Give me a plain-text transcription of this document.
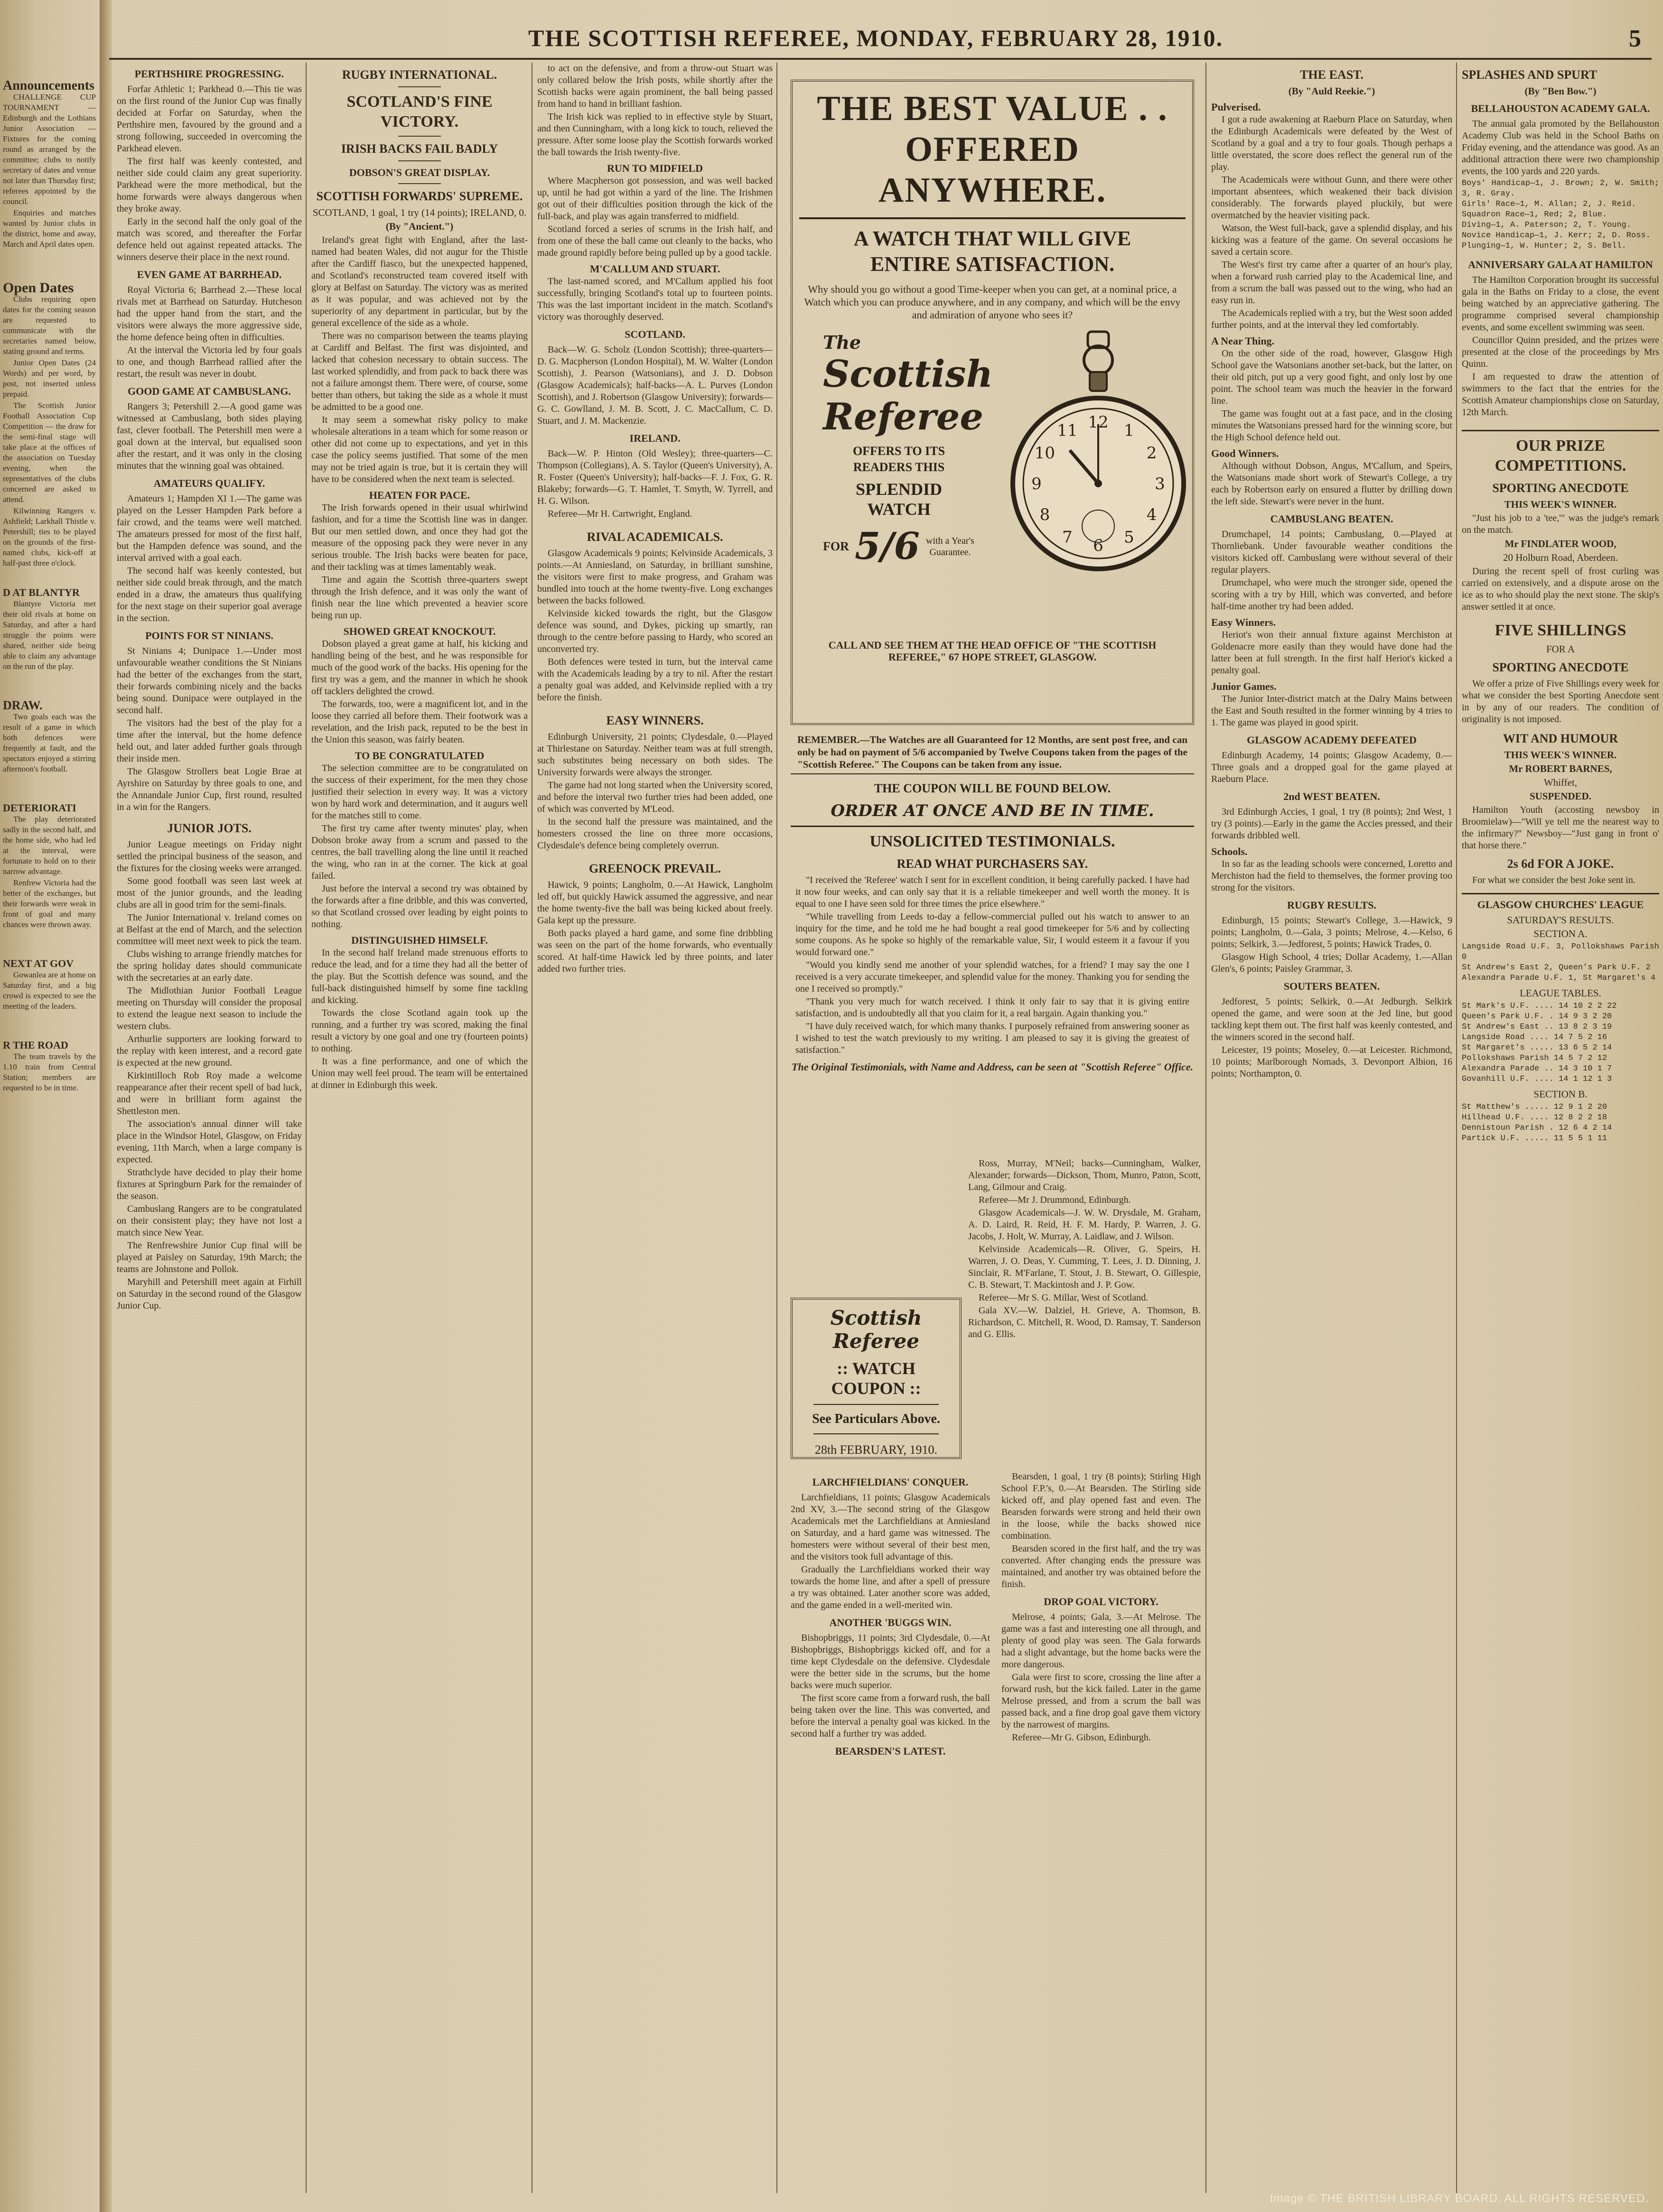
Announcements

CHALLENGE CUP TOURNAMENT — Edinburgh and the Lothians Junior Association — Fixtures for the coming round as arranged by the committee; clubs to notify secretary of dates and venue not later than Thursday first; referees appointed by the council.

Enquiries and matches wanted by Junior clubs in the district, home and away, March and April dates open.

Open Dates

Clubs requiring open dates for the coming season are requested to communicate with the secretaries named below, stating ground and terms.

Junior Open Dates (24 Words) and per word, by post, not inserted unless prepaid.

The Scottish Junior Football Association Cup Competition — the draw for the semi-final stage will take place at the offices of the association on Tuesday evening, when the representatives of the clubs concerned are asked to attend.

Kilwinning Rangers v. Ashfield; Larkhall Thistle v. Petershill; ties to be played on the grounds of the first-named clubs, kick-off at half-past three o'clock.

D AT BLANTYR

Blantyre Victoria met their old rivals at home on Saturday, and after a hard struggle the points were shared, neither side being able to claim any advantage on the run of the play.

DRAW.

Two goals each was the result of a game in which both defences were frequently at fault, and the spectators enjoyed a stirring afternoon's football.

DETERIORATI

The play deteriorated sadly in the second half, and the home side, who had led at the interval, were fortunate to hold on to their narrow advantage.

Renfrew Victoria had the better of the exchanges, but their forwards were weak in front of goal and many chances were thrown away.

NEXT AT GOV

Gowanlea are at home on Saturday first, and a big crowd is expected to see the meeting of the leaders.

R THE ROAD

The team travels by the 1.10 train from Central Station; members are requested to be in time.

THE SCOTTISH REFEREE, MONDAY, FEBRUARY 28, 1910.	5
PERTHSHIRE PROGRESSING.

Forfar Athletic 1; Parkhead 0.—This tie was on the first round of the Junior Cup was finally decided at Forfar on Saturday, when the Perthshire men, favoured by the ground and a strong following, succeeded in overcoming the Parkhead eleven.

The first half was keenly contested, and neither side could claim any great superiority. Parkhead were the more methodical, but the home forwards were always dangerous when they broke away.

Early in the second half the only goal of the match was scored, and thereafter the Forfar defence held out against repeated attacks. The winners deserve their place in the next round.

EVEN GAME AT BARRHEAD.

Royal Victoria 6; Barrhead 2.—These local rivals met at Barrhead on Saturday. Hutcheson had the upper hand from the start, and the visitors were always the more aggressive side, the home defence being often in difficulties.

At the interval the Victoria led by four goals to one, and though Barrhead rallied after the restart, the result was never in doubt.

GOOD GAME AT CAMBUSLANG.

Rangers 3; Petershill 2.—A good game was witnessed at Cambuslang, both sides playing fast, clever football. The Petershill men were a goal down at the interval, but equalised soon after the restart, and it was only in the closing minutes that the winning goal was obtained.

AMATEURS QUALIFY.

Amateurs 1; Hampden XI 1.—The game was played on the Lesser Hampden Park before a fair crowd, and the teams were well matched. The amateurs pressed for most of the first half, but the Hampden defence was sound, and the interval arrived with a goal each.

The second half was keenly contested, but neither side could break through, and the match ended in a draw, the amateurs thus qualifying for the next stage on their superior goal average in the section.

POINTS FOR ST NINIANS.

St Ninians 4; Dunipace 1.—Under most unfavourable weather conditions the St Ninians had the better of the exchanges from the start, their forwards combining nicely and the backs being sound. Dunipace were outplayed in the second half.

The visitors had the best of the play for a time after the interval, but the home defence held out, and later added further goals through their inside men.

The Glasgow Strollers beat Logie Brae at Ayrshire on Saturday by three goals to one, and the Annandale Junior Cup, first round, resulted in a win for the Rangers.

JUNIOR JOTS.

Junior League meetings on Friday night settled the principal business of the season, and the fixtures for the closing weeks were arranged.

Some good football was seen last week at most of the junior grounds, and the leading clubs are all in good trim for the semi-finals.

The Junior International v. Ireland comes on at Belfast at the end of March, and the selection committee will meet next week to pick the team.

Clubs wishing to arrange friendly matches for the spring holiday dates should communicate with the secretaries at an early date.

The Midlothian Junior Football League meeting on Thursday will consider the proposal to extend the league next season to include the western clubs.

Arthurlie supporters are looking forward to the replay with keen interest, and a record gate is expected at the new ground.

Kirkintilloch Rob Roy made a welcome reappearance after their recent spell of bad luck, and were in brilliant form against the Shettleston men.

The association's annual dinner will take place in the Windsor Hotel, Glasgow, on Friday evening, 11th March, when a large company is expected.

Strathclyde have decided to play their home fixtures at Springburn Park for the remainder of the season.

Cambuslang Rangers are to be congratulated on their consistent play; they have not lost a match since New Year.

The Renfrewshire Junior Cup final will be played at Paisley on Saturday, 19th March; the teams are Johnstone and Pollok.

Maryhill and Petershill meet again at Firhill on Saturday in the second round of the Glasgow Junior Cup.

RUGBY INTERNATIONAL.
SCOTLAND'S FINE VICTORY.
IRISH BACKS FAIL BADLY
DOBSON'S GREAT DISPLAY.
SCOTTISH FORWARDS' SUPREME.
SCOTLAND, 1 goal, 1 try (14 points); IRELAND, 0.
(By "Ancient.")

Ireland's great fight with England, after the last-named had beaten Wales, did not augur for the Thistle after the Cardiff fiasco, but the unexpected happened, and Scotland's reconstructed team covered itself with glory at Belfast on Saturday. The victory was as merited as it was popular, and was achieved not by the superiority of any department in particular, but by the general excellence of the side as a whole.

There was no comparison between the teams playing at Cardiff and Belfast. The first was disjointed, and lacked that cohesion necessary to obtain success. The last worked splendidly, and from pack to back there was not a failure amongst them. There were, of course, some better than others, but taking the side as a whole it must be admitted to be a good one.

It may seem a somewhat risky policy to make wholesale alterations in a team which for some reason or other did not come up to expectations, and yet in this case the policy seems justified. That some of the men may not be tried again is true, but it is certain they will have to be considered when the next team is selected.

HEATEN FOR PACE.

The Irish forwards opened in their usual whirlwind fashion, and for a time the Scottish line was in danger. But our men settled down, and once they had got the measure of the opposing pack they were never in any serious trouble. The Irish backs were beaten for pace, and their tackling was at times lamentably weak.

Time and again the Scottish three-quarters swept through the Irish defence, and it was only the want of finish near the line which prevented a heavier score being run up.

SHOWED GREAT KNOCKOUT.

Dobson played a great game at half, his kicking and handling being of the best, and he was responsible for much of the good work of the backs. His opening for the first try was a gem, and the manner in which he shook off tacklers delighted the crowd.

The forwards, too, were a magnificent lot, and in the loose they carried all before them. Their footwork was a revelation, and the Irish pack, reputed to be the best in the Union this season, was fairly beaten.

TO BE CONGRATULATED

The selection committee are to be congratulated on the success of their experiment, for the men they chose justified their selection in every way. It was a victory won by hard work and determination, and it augurs well for the matches still to come.

The first try came after twenty minutes' play, when Dobson broke away from a scrum and passed to the centres, the ball travelling along the line until it reached the wing, who ran in at the corner. The kick at goal failed.

Just before the interval a second try was obtained by the forwards after a fine dribble, and this was converted, so that Scotland crossed over leading by eight points to nothing.

DISTINGUISHED HIMSELF.

In the second half Ireland made strenuous efforts to reduce the lead, and for a time they had all the better of the play. But the Scottish defence was sound, and the full-back distinguished himself by some fine tackling and kicking.

Towards the close Scotland again took up the running, and a further try was scored, making the final result a victory by one goal and one try (fourteen points) to nothing.

It was a fine performance, and one of which the Union may well feel proud. The team will be entertained at dinner in Edinburgh this week.

to act on the defensive, and from a throw-out Stuart was only collared below the Irish posts, while shortly after the Scottish backs were again prominent, the ball being passed from hand to hand in brilliant fashion.

The Irish kick was replied to in effective style by Stuart, and then Cunningham, with a long kick to touch, relieved the pressure. After some loose play the Scottish forwards worked the ball towards the Irish twenty-five.

RUN TO MIDFIELD

Where Macpherson got possession, and was well backed up, until he had got within a yard of the line. The Irishmen got out of their difficulties position through the kick of the full-back, and play was again transferred to midfield.

Scotland forced a series of scrums in the Irish half, and from one of these the ball came out cleanly to the backs, who made ground rapidly before being pulled up by a good tackle.

M'CALLUM AND STUART.

The last-named scored, and M'Callum applied his foot successfully, bringing Scotland's total up to fourteen points. This was the last important incident in the match. Scotland's victory was thoroughly deserved.

SCOTLAND.

Back—W. G. Scholz (London Scottish); three-quarters—D. G. Macpherson (London Hospital), M. W. Walter (London Scottish), J. Pearson (Watsonians), and J. D. Dobson (Glasgow Academicals); half-backs—A. L. Purves (London Scottish), and J. Robertson (Glasgow University); forwards—G. C. Gowlland, J. M. B. Scott, J. C. MacCallum, C. D. Stuart, and J. M. Mackenzie.

IRELAND.

Back—W. P. Hinton (Old Wesley); three-quarters—C. Thompson (Collegians), A. S. Taylor (Queen's University), A. R. Foster (Queen's University); half-backs—F. J. Fox, G. R. Blakeby; forwards—G. T. Hamlet, T. Smyth, W. Tyrrell, and H. G. Wilson.

Referee—Mr H. Cartwright, England.

RIVAL ACADEMICALS.

Glasgow Academicals 9 points; Kelvinside Academicals, 3 points.—At Anniesland, on Saturday, in brilliant sunshine, the visitors were first to make progress, and Graham was bundled into touch at the home twenty-five. Long exchanges between the backs followed.

Kelvinside kicked towards the right, but the Glasgow defence was sound, and Dykes, picking up smartly, ran through to the centre before passing to Hardy, who scored an unconverted try.

Both defences were tested in turn, but the interval came with the Academicals leading by a try to nil. After the restart a penalty goal was added, and Kelvinside replied with a try before the finish.

EASY WINNERS.

Edinburgh University, 21 points; Clydesdale, 0.—Played at Thirlestane on Saturday. Neither team was at full strength, such substitutes being necessary on both sides. The University forwards were always the stronger.

The game had not long started when the University scored, and before the interval two further tries had been added, one of which was converted by M'Leod.

In the second half the pressure was maintained, and the homesters crossed the line on three more occasions, Clydesdale's defence being completely overrun.

GREENOCK PREVAIL.

Hawick, 9 points; Langholm, 0.—At Hawick, Langholm led off, but quickly Hawick assumed the aggressive, and near the home twenty-five the ball was being kicked about freely. Gala kept up the pressure.

Both packs played a hard game, and some fine dribbling was seen on the part of the home forwards, who eventually scored. At half-time Hawick led by three points, and later added two further tries.

THE BEST VALUE . .
OFFERED ANYWHERE.
A WATCH THAT WILL GIVE
ENTIRE SATISFACTION.
Why should you go without a good Time-keeper when you can get, at a nominal price, a Watch which you can produce anywhere, and in any company, and which will be the envy and admiration of anyone who sees it?
The
Scottish Referee
OFFERS TO ITS READERS THIS
SPLENDID WATCH
FOR 5/6 with a Year's Guarantee.
1
2
3
4
5
6
7
8
9
10
11 12
CALL AND SEE THEM AT THE HEAD OFFICE OF "THE SCOTTISH REFEREE," 67 HOPE STREET, GLASGOW.
REMEMBER.—The Watches are all Guaranteed for 12 Months, are sent post free, and can only be had on payment of 5/6 accompanied by Twelve Coupons taken from the pages of the "Scottish Referee." The Coupons can be taken from any issue.
THE COUPON WILL BE FOUND BELOW.
ORDER AT ONCE AND BE IN TIME.
UNSOLICITED TESTIMONIALS.
READ WHAT PURCHASERS SAY.

"I received the 'Referee' watch I sent for in excellent condition, it being carefully packed. I have had it now four weeks, and can only say that it is a reliable timekeeper and well worth the money. It is equal to one I have seen sold for three times the price elsewhere."

"While travelling from Leeds to-day a fellow-commercial pulled out his watch to answer to an inquiry for the time, and he told me he had bought a real good timekeeper for 5/6 and by collecting some coupons. As he spoke so highly of the remarkable value, Sir, I would esteem it a favour if you would forward one."

"Would you kindly send me another of your splendid watches, for a friend? I may say the one I received is a very accurate timekeeper, and splendid value for the money. Thanking you for sending the one I received so promptly."

"Thank you very much for watch received. I think it only fair to say that it is giving entire satisfaction, and is undoubtedly all that you claim for it, a real bargain. Again thanking you."

"I have duly received watch, for which many thanks. I purposely refrained from answering sooner as I wished to test the watch previously to my writing. I am pleased to say it is giving the greatest of satisfaction."

The Original Testimonials, with Name and Address, can be seen at "Scottish Referee" Office.
Scottish Referee
:: WATCH COUPON ::
See Particulars Above.
28th FEBRUARY, 1910.

Ross, Murray, M'Neil; backs—Cunningham, Walker, Alexander; forwards—Dickson, Thom, Munro, Paton, Scott, Lang, Gilmour and Craig.

Referee—Mr J. Drummond, Edinburgh.

Glasgow Academicals—J. W. W. Drysdale, M. Graham, A. D. Laird, R. Reid, H. F. M. Hardy, P. Warren, J. G. Jacobs, J. Holt, W. Murray, A. Laidlaw, and J. Wilson.

Kelvinside Academicals—R. Oliver, G. Speirs, H. Warren, J. O. Deas, Y. Cumming, T. Lees, J. D. Dinning, J. Sinclair, R. M'Farlane, T. Stout, J. B. Stewart, O. Gillespie, C. B. Stewart, T. Mackintosh and J. P. Gow.

Referee—Mr S. G. Millar, West of Scotland.

Gala XV.—W. Dalziel, H. Grieve, A. Thomson, B. Richardson, C. Mitchell, R. Wood, D. Ramsay, T. Sanderson and G. Ellis.

LARCHFIELDIANS' CONQUER.

Larchfieldians, 11 points; Glasgow Academicals 2nd XV, 3.—The second string of the Glasgow Academicals met the Larchfieldians at Anniesland on Saturday, and a hard game was witnessed. The homesters were without several of their best men, and the visitors took full advantage of this.

Gradually the Larchfieldians worked their way towards the home line, and after a spell of pressure a try was obtained. Later another score was added, and the game ended in a well-merited win.

ANOTHER 'BUGGS WIN.

Bishopbriggs, 11 points; 3rd Clydesdale, 0.—At Bishopbriggs, Bishopbriggs kicked off, and for a time kept Clydesdale on the defensive. Clydesdale were the better side in the scrums, but the home backs were much superior.

The first score came from a forward rush, the ball being taken over the line. This was converted, and before the interval a penalty goal was kicked. In the second half a further try was added.

BEARSDEN'S LATEST.

Bearsden, 1 goal, 1 try (8 points); Stirling High School F.P.'s, 0.—At Bearsden. The Stirling side kicked off, and play opened fast and even. The Bearsden forwards were strong and held their own in the loose, while the backs showed nice combination.

Bearsden scored in the first half, and the try was converted. After changing ends the pressure was maintained, and another try was obtained before the finish.

DROP GOAL VICTORY.

Melrose, 4 points; Gala, 3.—At Melrose. The game was a fast and interesting one all through, and plenty of good play was seen. The Gala forwards had a slight advantage, but the home backs were the more dangerous.

Gala were first to score, crossing the line after a forward rush, but the kick failed. Later in the game Melrose pressed, and from a scrum the ball was passed back, and a fine drop goal gave them victory by the narrowest of margins.

Referee—Mr G. Gibson, Edinburgh.

THE EAST.
(By "Auld Reekie.")
Pulverised.

I got a rude awakening at Raeburn Place on Saturday, when the Edinburgh Academicals were defeated by the West of Scotland by a goal and a try to four goals. Though perhaps a little overstated, the score does reflect the general run of the play.

The Academicals were without Gunn, and there were other important absentees, which weakened their back division considerably. The forwards played pluckily, but were overmatched by the heavier visiting pack.

Watson, the West full-back, gave a splendid display, and his kicking was a feature of the game. On several occasions he saved a certain score.

The West's first try came after a quarter of an hour's play, when a forward rush carried play to the Academical line, and from a scrum the ball was passed out to the wing, who had an easy run in.

The Academicals replied with a try, but the West soon added further points, and at the interval they led comfortably.

A Near Thing.

On the other side of the road, however, Glasgow High School gave the Watsonians another set-back, but the latter, on their old pitch, put up a very good fight, and only lost by one point. The school team was much the heavier in the forward line.

The game was fought out at a fast pace, and in the closing minutes the Watsonians pressed hard for the winning score, but the High School defence held out.

Good Winners.

Although without Dobson, Angus, M'Callum, and Speirs, the Watsonians made short work of Stewart's College, a try each by Robertson early on ensured a flutter by drilling down the left side. Stewart's were never in the hunt.

CAMBUSLANG BEATEN.

Drumchapel, 14 points; Cambuslang, 0.—Played at Thornliebank. Under favourable weather conditions the visitors kicked off. Cambuslang were without several of their regular players.

Drumchapel, who were much the stronger side, opened the scoring with a try by Hill, which was converted, and before half-time another try had been added.

Easy Winners.

Heriot's won their annual fixture against Merchiston at Goldenacre more easily than they would have done had the latter been at full strength. In the first half Heriot's kicked a penalty goal.

Junior Games.

The Junior Inter-district match at the Dalry Mains between the East and South resulted in the former winning by 4 tries to 1. The game was played in good spirit.

GLASGOW ACADEMY DEFEATED

Edinburgh Academy, 14 points; Glasgow Academy, 0.—Three goals and a dropped goal for the game played at Raeburn Place.

2nd WEST BEATEN.

3rd Edinburgh Accies, 1 goal, 1 try (8 points); 2nd West, 1 try (3 points).—Early in the game the Accies pressed, and their forwards dribbled well.

Schools.

In so far as the leading schools were concerned, Loretto and Merchiston had the field to themselves, the former proving too strong for the visitors.

RUGBY RESULTS.

Edinburgh, 15 points; Stewart's College, 3.—Hawick, 9 points; Langholm, 0.—Gala, 3 points; Melrose, 4.—Kelso, 6 points; Selkirk, 3.—Jedforest, 5 points; Hawick Trades, 0.

Glasgow High School, 4 tries; Dollar Academy, 1.—Allan Glen's, 6 points; Paisley Grammar, 3.

SOUTERS BEATEN.

Jedforest, 5 points; Selkirk, 0.—At Jedburgh. Selkirk opened the game, and were soon at the Jed line, but good tackling kept them out. The first half was keenly contested, and the winners scored in the second half.

Leicester, 19 points; Moseley, 0.—at Leicester. Richmond, 10 points; Marlborough Nomads, 3. Devonport Albion, 16 points; Northampton, 0.

SPLASHES AND SPURT
(By "Ben Bow.")
BELLAHOUSTON ACADEMY GALA.

The annual gala promoted by the Bellahouston Academy Club was held in the School Baths on Friday evening, and the attendance was good. As an additional attraction there were two championship events, the 100 yards and 220 yards.

Boys' Handicap—1, J. Brown; 2, W. Smith; 3, R. Gray.
Girls' Race—1, M. Allan; 2, J. Reid.
Squadron Race—1, Red; 2, Blue.
Diving—1, A. Paterson; 2, T. Young.
Novice Handicap—1, J. Kerr; 2, D. Ross.
Plunging—1, W. Hunter; 2, S. Bell.
ANNIVERSARY GALA AT HAMILTON

The Hamilton Corporation brought its successful gala in the Baths on Friday to a close, the event being watched by an appreciative gathering. The programme comprised several championship events, and some excellent swimming was seen.

Councillor Quinn presided, and the prizes were presented at the close of the proceedings by Mrs Quinn.

I am requested to draw the attention of swimmers to the fact that the entries for the Scottish Amateur championships close on Saturday, 12th March.

OUR PRIZE COMPETITIONS.
SPORTING ANECDOTE
THIS WEEK'S WINNER.

"Just his job to a 'tee,'" was the judge's remark on the match.

Mr FINDLATER WOOD,
20 Holburn Road, Aberdeen.

During the recent spell of frost curling was carried on extensively, and a dispute arose on the ice as to who should play the next stone. The skip's answer settled it at once.

FIVE SHILLINGS
FOR A
SPORTING ANECDOTE

We offer a prize of Five Shillings every week for what we consider the best Sporting Anecdote sent in by any of our readers. The condition of originality is not imposed.

WIT AND HUMOUR
THIS WEEK'S WINNER.
Mr ROBERT BARNES,
Whiffet,
SUSPENDED.

Hamilton Youth (accosting newsboy in Broomielaw)—"Will ye tell me the nearest way to the infirmary?" Newsboy—"Just gang in front o' that horse there."

2s 6d FOR A JOKE.

For what we consider the best Joke sent in.

GLASGOW CHURCHES' LEAGUE
SATURDAY'S RESULTS.
SECTION A.
Langside Road U.F. 3, Pollokshaws Parish 0
St Andrew's East 2, Queen's Park U.F. 2
Alexandra Parade U.F. 1, St Margaret's 4
LEAGUE TABLES.
St Mark's U.F. .... 14 10 2 2 22
Queen's Park U.F. . 14 9 3 2 20
St Andrew's East .. 13 8 2 3 19
Langside Road .... 14 7 5 2 16
St Margaret's ..... 13 6 5 2 14
Pollokshaws Parish 14 5 7 2 12
Alexandra Parade .. 14 3 10 1 7
Govanhill U.F. .... 14 1 12 1 3
SECTION B.
St Matthew's ..... 12 9 1 2 20
Hillhead U.F. .... 12 8 2 2 18
Dennistoun Parish . 12 6 4 2 14
Partick U.F. ..... 11 5 5 1 11
Image © THE BRITISH LIBRARY BOARD. ALL RIGHTS RESERVED.
